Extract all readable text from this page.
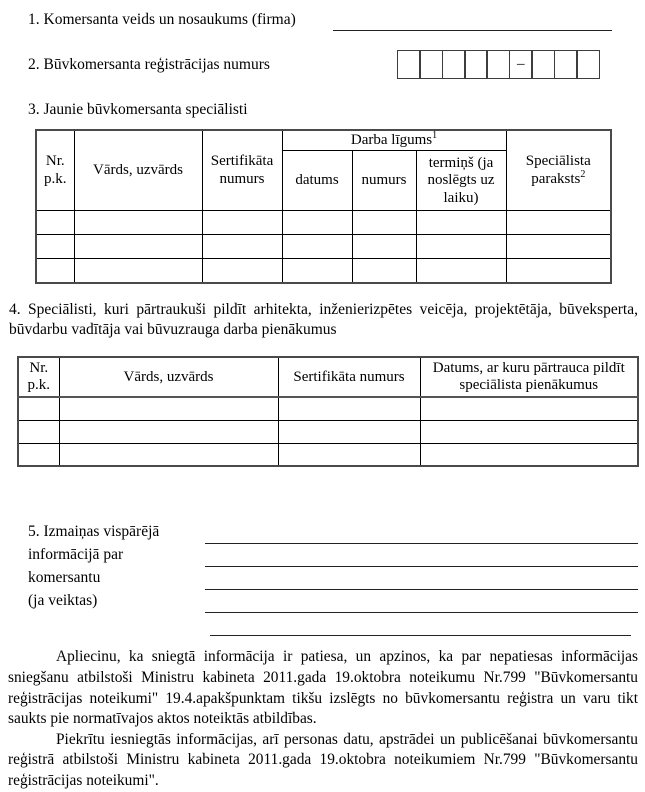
1. Komersanta veids un nosaukums (firma)
2. Būvkomersanta reģistrācijas numurs	–
3. Jaunie būvkomersanta speciālisti
Nr. p.k.	Vārds, uzvārds	Sertifikāta numurs	Darba līgums$^1$			Speciālista paraksts$^2$
			datums	numurs	termiņš (ja noslēgts uz laiku)	

4. Speciālisti, kuri pārtraukuši pildīt arhitekta, inženierizpētes veicēja, projektētāja, būveksperta, būvdarbu vadītāja vai būvuzrauga darba pienākumus
Nr. p.k.	Vārds, uzvārds	Sertifikāta numurs	Datums, ar kuru pārtrauca pildīt speciālista pienākumus

5. Izmaiņas vispārējā
informācijā par
komersantu
(ja veiktas)

Apliecinu, ka sniegtā informācija ir patiesa, un apzinos, ka par nepatiesas informācijas sniegšanu atbilstoši Ministru kabineta 2011.gada 19.oktobra noteikumu Nr.799 "Būvkomersantu reģistrācijas noteikumi" 19.4.apakšpunktam tikšu izslēgts no būvkomersantu reģistra un varu tikt saukts pie normatīvajos aktos noteiktās atbildības.

Piekrītu iesniegtās informācijas, arī personas datu, apstrādei un publicēšanai būvkomersantu reģistrā atbilstoši Ministru kabineta 2011.gada 19.oktobra noteikumiem Nr.799 "Būvkomersantu reģistrācijas noteikumi".
